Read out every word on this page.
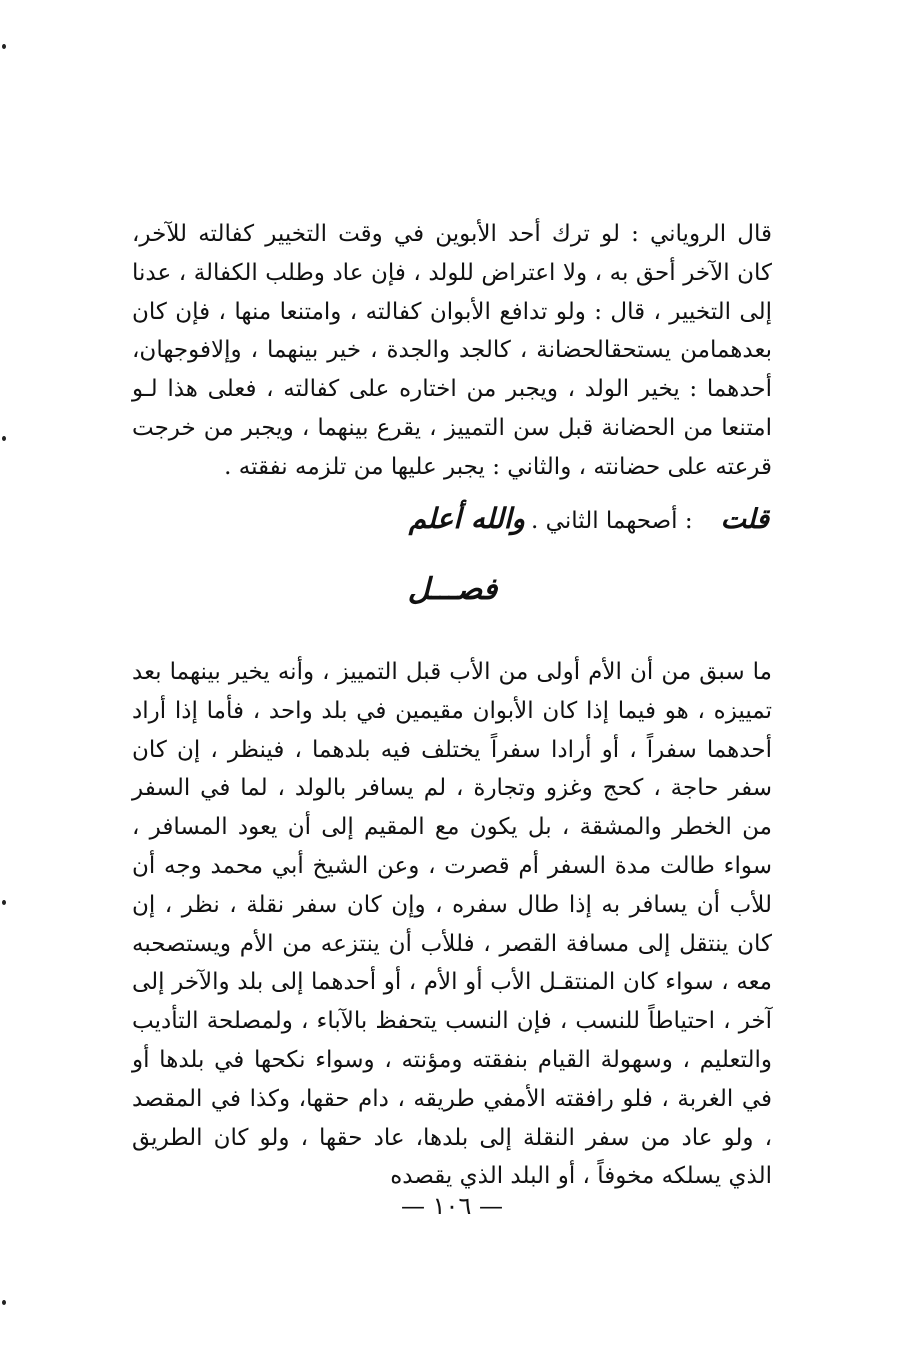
قال الروياني : لو ترك أحد الأبوين في وقت التخيير كفالته للآخر، كان الآخر أحق به ، ولا اعتراض للولد ، فإن عاد وطلب الكفالة ، عدنا إلى التخيير ، قال : ولو تدافع الأبوان كفالته ، وامتنعا منها ، فإن كان بعدهمامن يستحقالحضانة ، كالجد والجدة ، خير بينهما ، وإلافوجهان، أحدهما : يخير الولد ، ويجبر من اختاره على كفالته ، فعلى هذا لـو امتنعا من الحضانة قبل سن التمييز ، يقرع بينهما ، ويجبر من خرجت قرعته على حضانته ، والثاني : يجبر عليها من تلزمه نفقته .

قلت: أصحهما الثاني .والله أعلم
فصـــل

ما سبق من أن الأم أولى من الأب قبل التمييز ، وأنه يخير بينهما بعد تمييزه ، هو فيما إذا كان الأبوان مقيمين في بلد واحد ، فأما إذا أراد أحدهما سفراً ، أو أرادا سفراً يختلف فيه بلدهما ، فينظر ، إن كان سفر حاجة ، كحج وغزو وتجارة ، لم يسافر بالولد ، لما في السفر من الخطر والمشقة ، بل يكون مع المقيم إلى أن يعود المسافر ، سواء طالت مدة السفر أم قصرت ، وعن الشيخ أبي محمد وجه أن للأب أن يسافر به إذا طال سفره ، وإن كان سفر نقلة ، نظر ، إن كان ينتقل إلى مسافة القصر ، فللأب أن ينتزعه من الأم ويستصحبه معه ، سواء كان المنتقـل الأب أو الأم ، أو أحدهما إلى بلد والآخر إلى آخر ، احتياطاً للنسب ، فإن النسب يتحفظ بالآباء ، ولمصلحة التأديب والتعليم ، وسهولة القيام بنفقته ومؤنته ، وسواء نكحها في بلدها أو في الغربة ، فلو رافقته الأمفي طريقه ، دام حقها، وكذا في المقصد ، ولو عاد من سفر النقلة إلى بلدها، عاد حقها ، ولو كان الطريق الذي يسلكه مخوفاً ، أو البلد الذي يقصده

— ١٠٦ —
